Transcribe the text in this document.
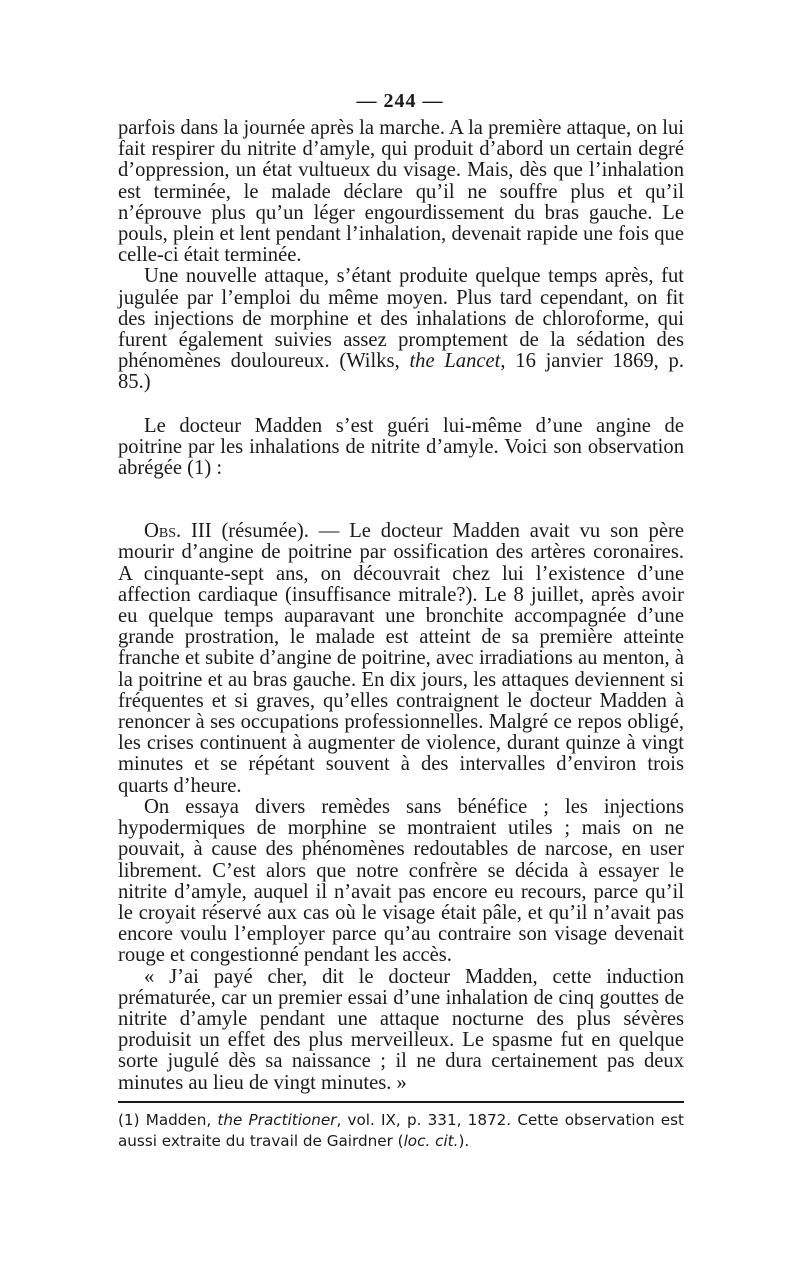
— 244 —

parfois dans la journée après la marche. A la première attaque, on lui fait respirer du nitrite d’amyle, qui produit d’abord un certain degré d’oppression, un état vultueux du visage. Mais, dès que l’inhalation est terminée, le malade déclare qu’il ne souffre plus et qu’il n’éprouve plus qu’un léger engourdissement du bras gauche. Le pouls, plein et lent pendant l’inhalation, devenait rapide une fois que celle-ci était terminée.

Une nouvelle attaque, s’étant produite quelque temps après, fut jugulée par l’emploi du même moyen. Plus tard cependant, on fit des injections de morphine et des inhalations de chloroforme, qui furent également suivies assez promptement de la sédation des phénomènes douloureux. (Wilks, the Lancet, 16 janvier 1869, p. 85.)

Le docteur Madden s’est guéri lui-même d’une angine de poitrine par les inhalations de nitrite d’amyle. Voici son observation abrégée (1) :

Obs. III (résumée). — Le docteur Madden avait vu son père mourir d’angine de poitrine par ossification des artères coronaires. A cinquante-sept ans, on découvrait chez lui l’existence d’une affection cardiaque (insuffisance mitrale?). Le 8 juillet, après avoir eu quelque temps auparavant une bronchite accompagnée d’une grande prostration, le malade est atteint de sa première atteinte franche et subite d’angine de poitrine, avec irradiations au menton, à la poitrine et au bras gauche. En dix jours, les attaques deviennent si fréquentes et si graves, qu’elles contraignent le docteur Madden à renoncer à ses occupations professionnelles. Malgré ce repos obligé, les crises continuent à augmenter de violence, durant quinze à vingt minutes et se répétant souvent à des intervalles d’environ trois quarts d’heure.

On essaya divers remèdes sans bénéfice ; les injections hypodermiques de morphine se montraient utiles ; mais on ne pouvait, à cause des phénomènes redoutables de narcose, en user librement. C’est alors que notre confrère se décida à essayer le nitrite d’amyle, auquel il n’avait pas encore eu recours, parce qu’il le croyait réservé aux cas où le visage était pâle, et qu’il n’avait pas encore voulu l’employer parce qu’au contraire son visage devenait rouge et congestionné pendant les accès.

« J’ai payé cher, dit le docteur Madden, cette induction prématurée, car un premier essai d’une inhalation de cinq gouttes de nitrite d’amyle pendant une attaque nocturne des plus sévères produisit un effet des plus merveilleux. Le spasme fut en quelque sorte jugulé dès sa naissance ; il ne dura certainement pas deux minutes au lieu de vingt minutes. »

(1) Madden, the Practitioner, vol. IX, p. 331, 1872. Cette observation est aussi extraite du travail de Gairdner (loc. cit.).
